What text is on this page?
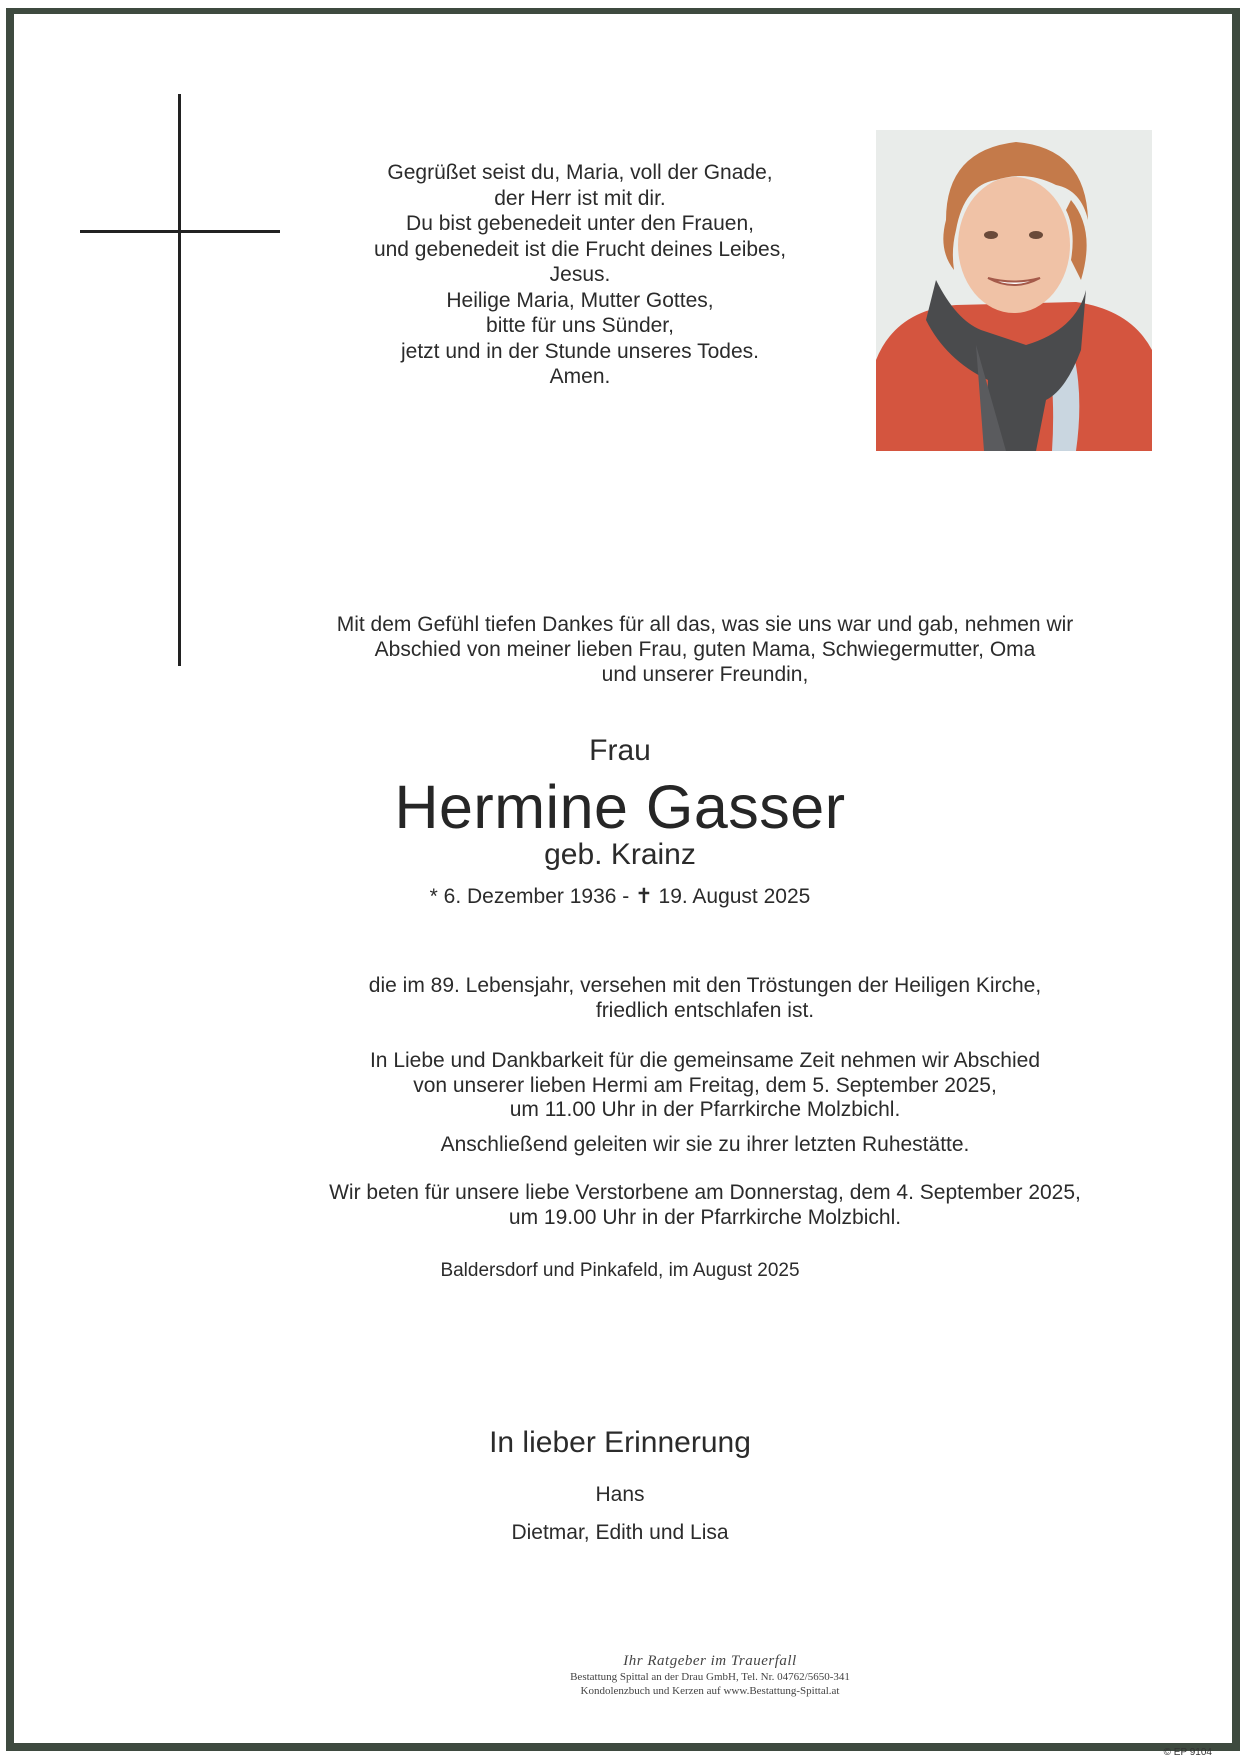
Gegrüßet seist du, Maria, voll der Gnade,
der Herr ist mit dir.
Du bist gebenedeit unter den Frauen,
und gebenedeit ist die Frucht deines Leibes,
Jesus.
Heilige Maria, Mutter Gottes,
bitte für uns Sünder,
jetzt und in der Stunde unseres Todes.
Amen.
Mit dem Gefühl tiefen Dankes für all das, was sie uns war und gab, nehmen wir
Abschied von meiner lieben Frau, guten Mama, Schwiegermutter, Oma
und unserer Freundin,
Frau
Hermine Gasser
geb. Krainz
* 6. Dezember 1936 - ✝ 19. August 2025
die im 89. Lebensjahr, versehen mit den Tröstungen der Heiligen Kirche,
friedlich entschlafen ist.
In Liebe und Dankbarkeit für die gemeinsame Zeit nehmen wir Abschied
von unserer lieben Hermi am Freitag, dem 5. September 2025,
um 11.00 Uhr in der Pfarrkirche Molzbichl.
Anschließend geleiten wir sie zu ihrer letzten Ruhestätte.
Wir beten für unsere liebe Verstorbene am Donnerstag, dem 4. September 2025,
um 19.00 Uhr in der Pfarrkirche Molzbichl.
Baldersdorf und Pinkafeld, im August 2025
In lieber Erinnerung
Hans
Dietmar, Edith und Lisa
Ihr Ratgeber im Trauerfall
Bestattung Spittal an der Drau GmbH, Tel. Nr. 04762/5650-341
Kondolenzbuch und Kerzen auf www.Bestattung-Spittal.at
© EP 9104
